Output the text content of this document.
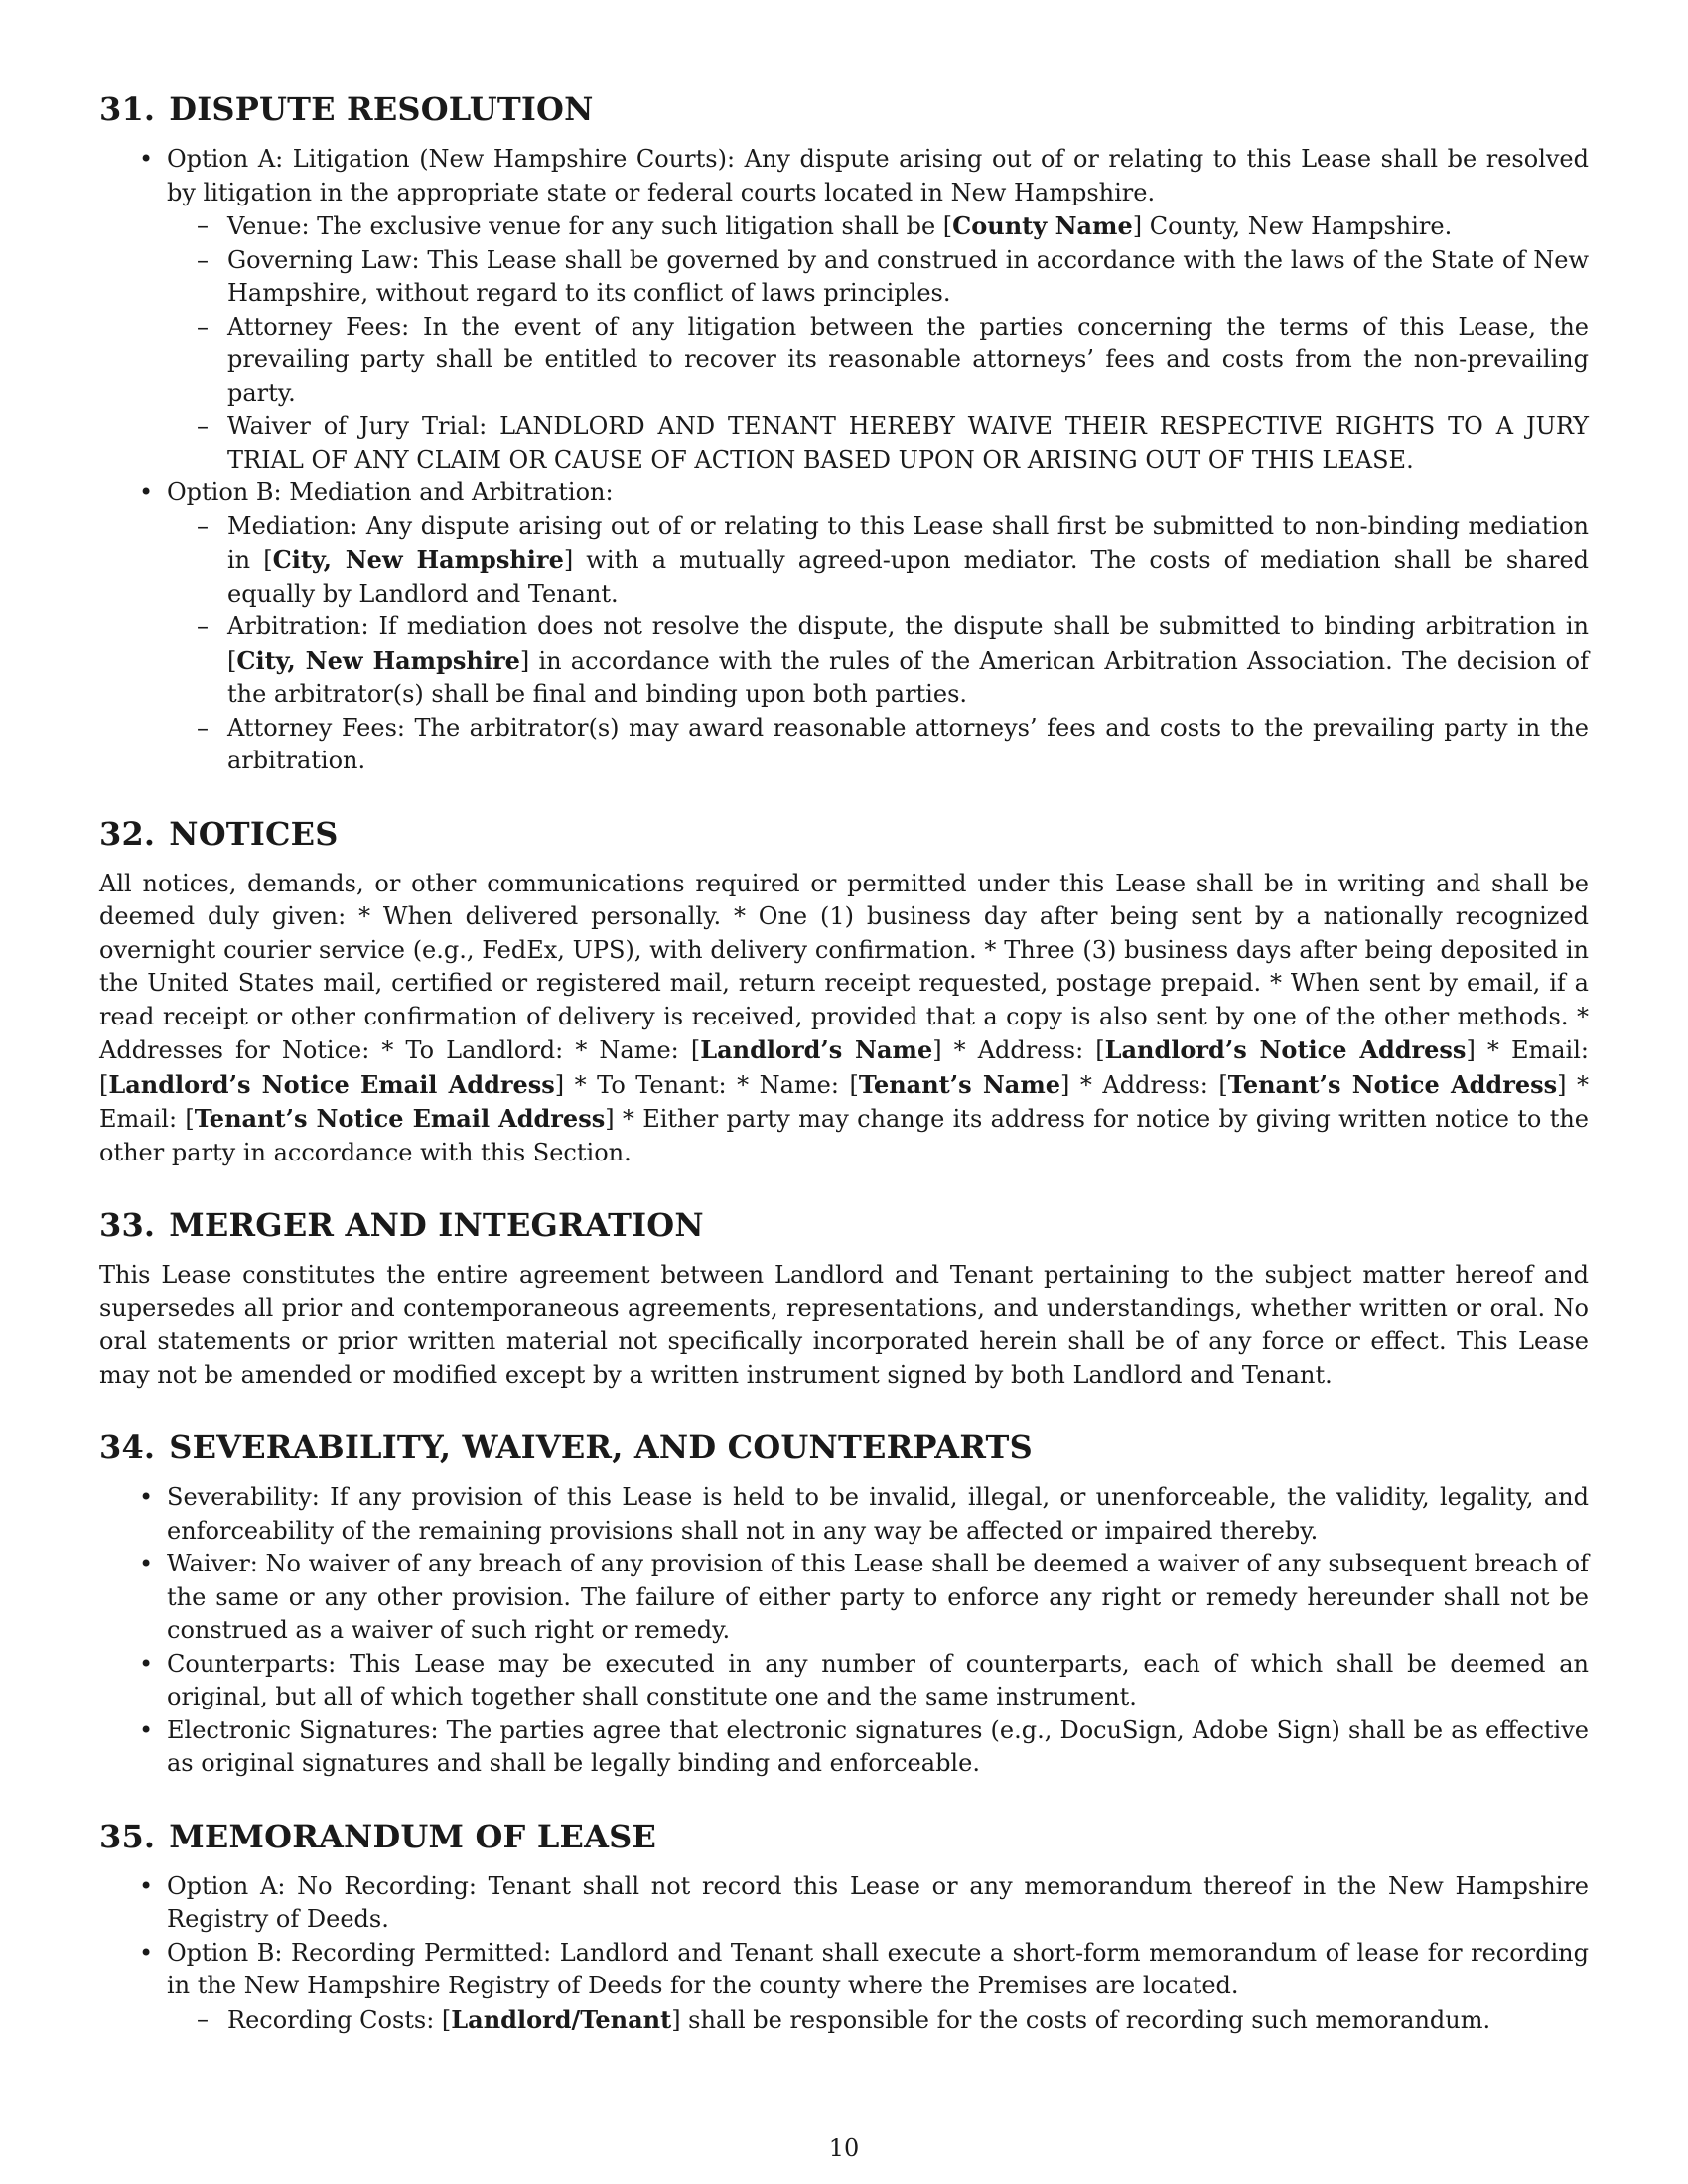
31. DISPUTE RESOLUTION
• Option A: Litigation (New Hampshire Courts): Any dispute arising out of or relating to this Lease shall be resolved by litigation in the appropriate state or federal courts located in New Hampshire.
– Venue: The exclusive venue for any such litigation shall be [County Name] County, New Hampshire.
– Governing Law: This Lease shall be governed by and construed in accordance with the laws of the State of New Hampshire, without regard to its conflict of laws principles.
– Attorney Fees: In the event of any litigation between the parties concerning the terms of this Lease, the prevailing party shall be entitled to recover its reasonable attorneys’ fees and costs from the non-prevailing party.
– Waiver of Jury Trial: LANDLORD AND TENANT HEREBY WAIVE THEIR RESPECTIVE RIGHTS TO A JURY TRIAL OF ANY CLAIM OR CAUSE OF ACTION BASED UPON OR ARISING OUT OF THIS LEASE.
• Option B: Mediation and Arbitration:
– Mediation: Any dispute arising out of or relating to this Lease shall first be submitted to non-binding mediation in [City, New Hampshire] with a mutually agreed-upon mediator. The costs of mediation shall be shared equally by Landlord and Tenant.
– Arbitration: If mediation does not resolve the dispute, the dispute shall be submitted to binding arbitration in [City, New Hampshire] in accordance with the rules of the American Arbitration Association. The decision of the arbitrator(s) shall be final and binding upon both parties.
– Attorney Fees: The arbitrator(s) may award reasonable attorneys’ fees and costs to the prevailing party in the arbitration.
32. NOTICES

All notices, demands, or other communications required or permitted under this Lease shall be in writing and shall be deemed duly given: * When delivered personally. * One (1) business day after being sent by a nationally recognized overnight courier service (e.g., FedEx, UPS), with delivery confirmation. * Three (3) business days after being deposited in the United States mail, certified or registered mail, return receipt requested, postage prepaid. * When sent by email, if a read receipt or other confirmation of delivery is received, provided that a copy is also sent by one of the other methods. * Addresses for Notice: * To Landlord: * Name: [Landlord’s Name] * Address: [Landlord’s Notice Address] * Email: [Landlord’s Notice Email Address] * To Tenant: * Name: [Tenant’s Name] * Address: [Tenant’s Notice Address] * Email: [Tenant’s Notice Email Address] * Either party may change its address for notice by giving written notice to the other party in accordance with this Section.

33. MERGER AND INTEGRATION

This Lease constitutes the entire agreement between Landlord and Tenant pertaining to the subject matter hereof and supersedes all prior and contemporaneous agreements, representations, and understandings, whether written or oral. No oral statements or prior written material not specifically incorporated herein shall be of any force or effect. This Lease may not be amended or modified except by a written instrument signed by both Landlord and Tenant.

34. SEVERABILITY, WAIVER, AND COUNTERPARTS
• Severability: If any provision of this Lease is held to be invalid, illegal, or unenforceable, the validity, legality, and enforceability of the remaining provisions shall not in any way be affected or impaired thereby.
• Waiver: No waiver of any breach of any provision of this Lease shall be deemed a waiver of any subsequent breach of the same or any other provision. The failure of either party to enforce any right or remedy hereunder shall not be construed as a waiver of such right or remedy.
• Counterparts: This Lease may be executed in any number of counterparts, each of which shall be deemed an original, but all of which together shall constitute one and the same instrument.
• Electronic Signatures: The parties agree that electronic signatures (e.g., DocuSign, Adobe Sign) shall be as effective as original signatures and shall be legally binding and enforceable.
35. MEMORANDUM OF LEASE
• Option A: No Recording: Tenant shall not record this Lease or any memorandum thereof in the New Hampshire Registry of Deeds.
• Option B: Recording Permitted: Landlord and Tenant shall execute a short-form memorandum of lease for recording in the New Hampshire Registry of Deeds for the county where the Premises are located.
– Recording Costs: [Landlord/Tenant] shall be responsible for the costs of recording such memorandum.
10
